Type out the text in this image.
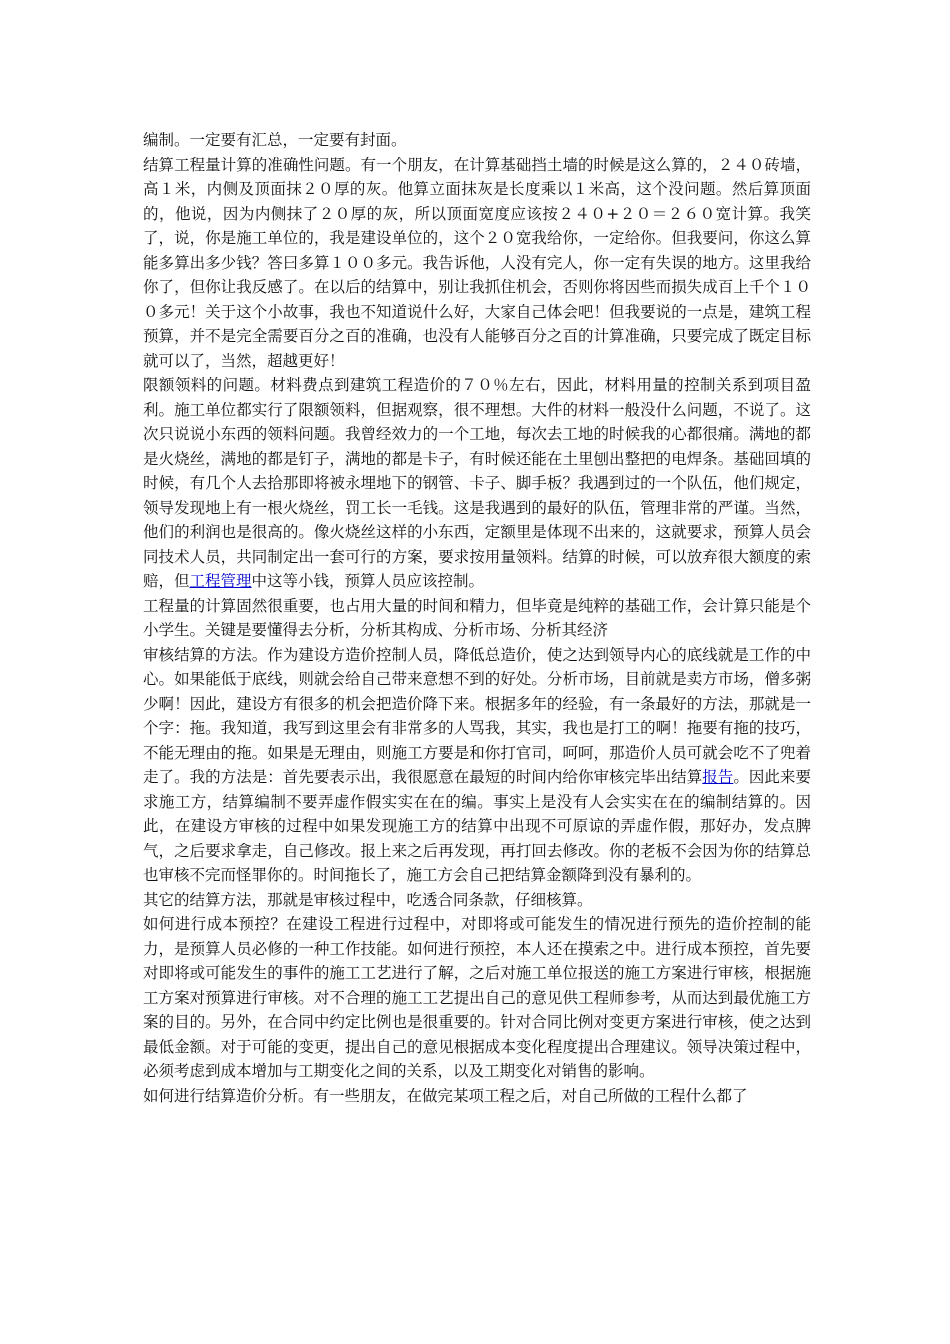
编制。一定要有汇总，一定要有封面。

结算工程量计算的准确性问题。有一个朋友，在计算基础挡土墙的时候是这么算的，２４０砖墙，高１米，内侧及顶面抹２０厚的灰。他算立面抹灰是长度乘以１米高，这个没问题。然后算顶面的，他说，因为内侧抹了２０厚的灰，所以顶面宽度应该按２４０+２０＝２６０宽计算。我笑了，说，你是施工单位的，我是建设单位的，这个２０宽我给你，一定给你。但我要问，你这么算能多算出多少钱？答曰多算１００多元。我告诉他，人没有完人，你一定有失误的地方。这里我给你了，但你让我反感了。在以后的结算中，别让我抓住机会，否则你将因些而损失成百上千个１００多元！关于这个小故事，我也不知道说什么好，大家自己体会吧！但我要说的一点是，建筑工程预算，并不是完全需要百分之百的准确，也没有人能够百分之百的计算准确，只要完成了既定目标就可以了，当然，超越更好！

限额领料的问题。材料费点到建筑工程造价的７０％左右，因此，材料用量的控制关系到项目盈利。施工单位都实行了限额领料，但据观察，很不理想。大件的材料一般没什么问题，不说了。这次只说说小东西的领料问题。我曾经效力的一个工地，每次去工地的时候我的心都很痛。满地的都是火烧丝，满地的都是钉子，满地的都是卡子，有时候还能在土里刨出整把的电焊条。基础回填的时候，有几个人去拾那即将被永埋地下的钢管、卡子、脚手板？我遇到过的一个队伍，他们规定，领导发现地上有一根火烧丝，罚工长一毛钱。这是我遇到的最好的队伍，管理非常的严谨。当然，他们的利润也是很高的。像火烧丝这样的小东西，定额里是体现不出来的，这就要求，预算人员会同技术人员，共同制定出一套可行的方案，要求按用量领料。结算的时候，可以放弃很大额度的索赔，但工程管理中这等小钱，预算人员应该控制。

工程量的计算固然很重要，也占用大量的时间和精力，但毕竟是纯粹的基础工作，会计算只能是个小学生。关键是要懂得去分析，分析其构成、分析市场、分析其经济

审核结算的方法。作为建设方造价控制人员，降低总造价，使之达到领导内心的底线就是工作的中心。如果能低于底线，则就会给自己带来意想不到的好处。分析市场，目前就是卖方市场，僧多粥少啊！因此，建设方有很多的机会把造价降下来。根据多年的经验，有一条最好的方法，那就是一个字：拖。我知道，我写到这里会有非常多的人骂我，其实，我也是打工的啊！拖要有拖的技巧，不能无理由的拖。如果是无理由，则施工方要是和你打官司，呵呵，那造价人员可就会吃不了兜着走了。我的方法是：首先要表示出，我很愿意在最短的时间内给你审核完毕出结算报告。因此来要求施工方，结算编制不要弄虚作假实实在在的编。事实上是没有人会实实在在的编制结算的。因此，在建设方审核的过程中如果发现施工方的结算中出现不可原谅的弄虚作假，那好办，发点脾气，之后要求拿走，自己修改。报上来之后再发现，再打回去修改。你的老板不会因为你的结算总也审核不完而怪罪你的。时间拖长了，施工方会自己把结算金额降到没有暴利的。

其它的结算方法，那就是审核过程中，吃透合同条款，仔细核算。

如何进行成本预控？在建设工程进行过程中，对即将或可能发生的情况进行预先的造价控制的能力，是预算人员必修的一种工作技能。如何进行预控，本人还在摸索之中。进行成本预控，首先要对即将或可能发生的事件的施工工艺进行了解，之后对施工单位报送的施工方案进行审核，根据施工方案对预算进行审核。对不合理的施工工艺提出自己的意见供工程师参考，从而达到最优施工方案的目的。另外，在合同中约定比例也是很重要的。针对合同比例对变更方案进行审核，使之达到最低金额。对于可能的变更，提出自己的意见根据成本变化程度提出合理建议。领导决策过程中，必须考虑到成本增加与工期变化之间的关系，以及工期变化对销售的影响。

如何进行结算造价分析。有一些朋友，在做完某项工程之后，对自己所做的工程什么都了
